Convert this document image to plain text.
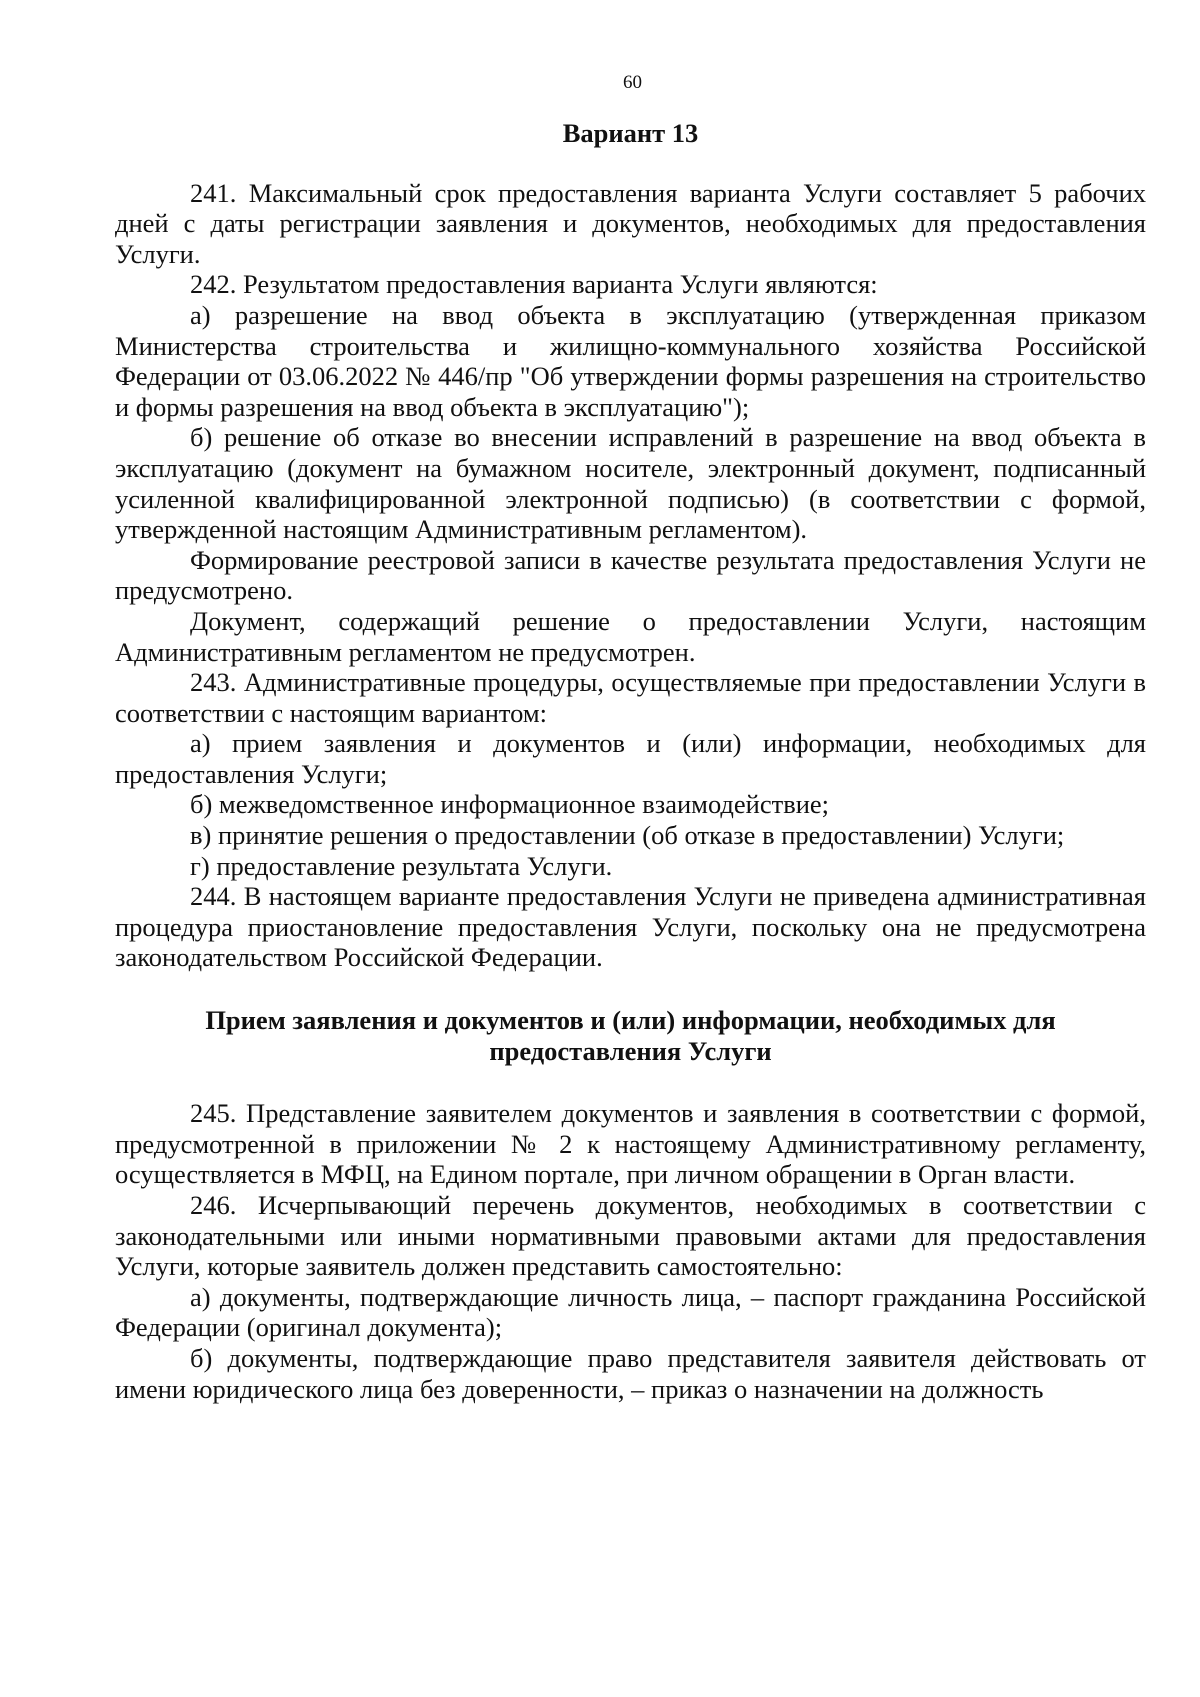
60
Вариант 13

241. Максимальный срок предоставления варианта Услуги составляет 5 рабочих дней с даты регистрации заявления и документов, необходимых для предоставления Услуги.

242. Результатом предоставления варианта Услуги являются:

а) разрешение на ввод объекта в эксплуатацию (утвержденная приказом Министерства строительства и жилищно-коммунального хозяйства Российской Федерации от 03.06.2022 № 446/пр "Об утверждении формы разрешения на строительство и формы разрешения на ввод объекта в эксплуатацию");

б) решение об отказе во внесении исправлений в разрешение на ввод объекта в эксплуатацию (документ на бумажном носителе, электронный документ, подписанный усиленной квалифицированной электронной подписью) (в соответствии с формой, утвержденной настоящим Административным регламентом).

Формирование реестровой записи в качестве результата предоставления Услуги не предусмотрено.

Документ, содержащий решение о предоставлении Услуги, настоящим Административным регламентом не предусмотрен.

243. Административные процедуры, осуществляемые при предоставлении Услуги в соответствии с настоящим вариантом:

а) прием заявления и документов и (или) информации, необходимых для предоставления Услуги;

б) межведомственное информационное взаимодействие;

в) принятие решения о предоставлении (об отказе в предоставлении) Услуги;

г) предоставление результата Услуги.

244. В настоящем варианте предоставления Услуги не приведена административная процедура приостановление предоставления Услуги, поскольку она не предусмотрена законодательством Российской Федерации.

Прием заявления и документов и (или) информации, необходимых для
предоставления Услуги

245. Представление заявителем документов и заявления в соответствии с формой, предусмотренной в приложении № 2 к настоящему Административному регламенту, осуществляется в МФЦ, на Едином портале, при личном обращении в Орган власти.

246. Исчерпывающий перечень документов, необходимых в соответствии с законодательными или иными нормативными правовыми актами для предоставления Услуги, которые заявитель должен представить самостоятельно:

а) документы, подтверждающие личность лица, – паспорт гражданина Российской Федерации (оригинал документа);

б) документы, подтверждающие право представителя заявителя действовать от имени юридического лица без доверенности, – приказ о назначении на должность
